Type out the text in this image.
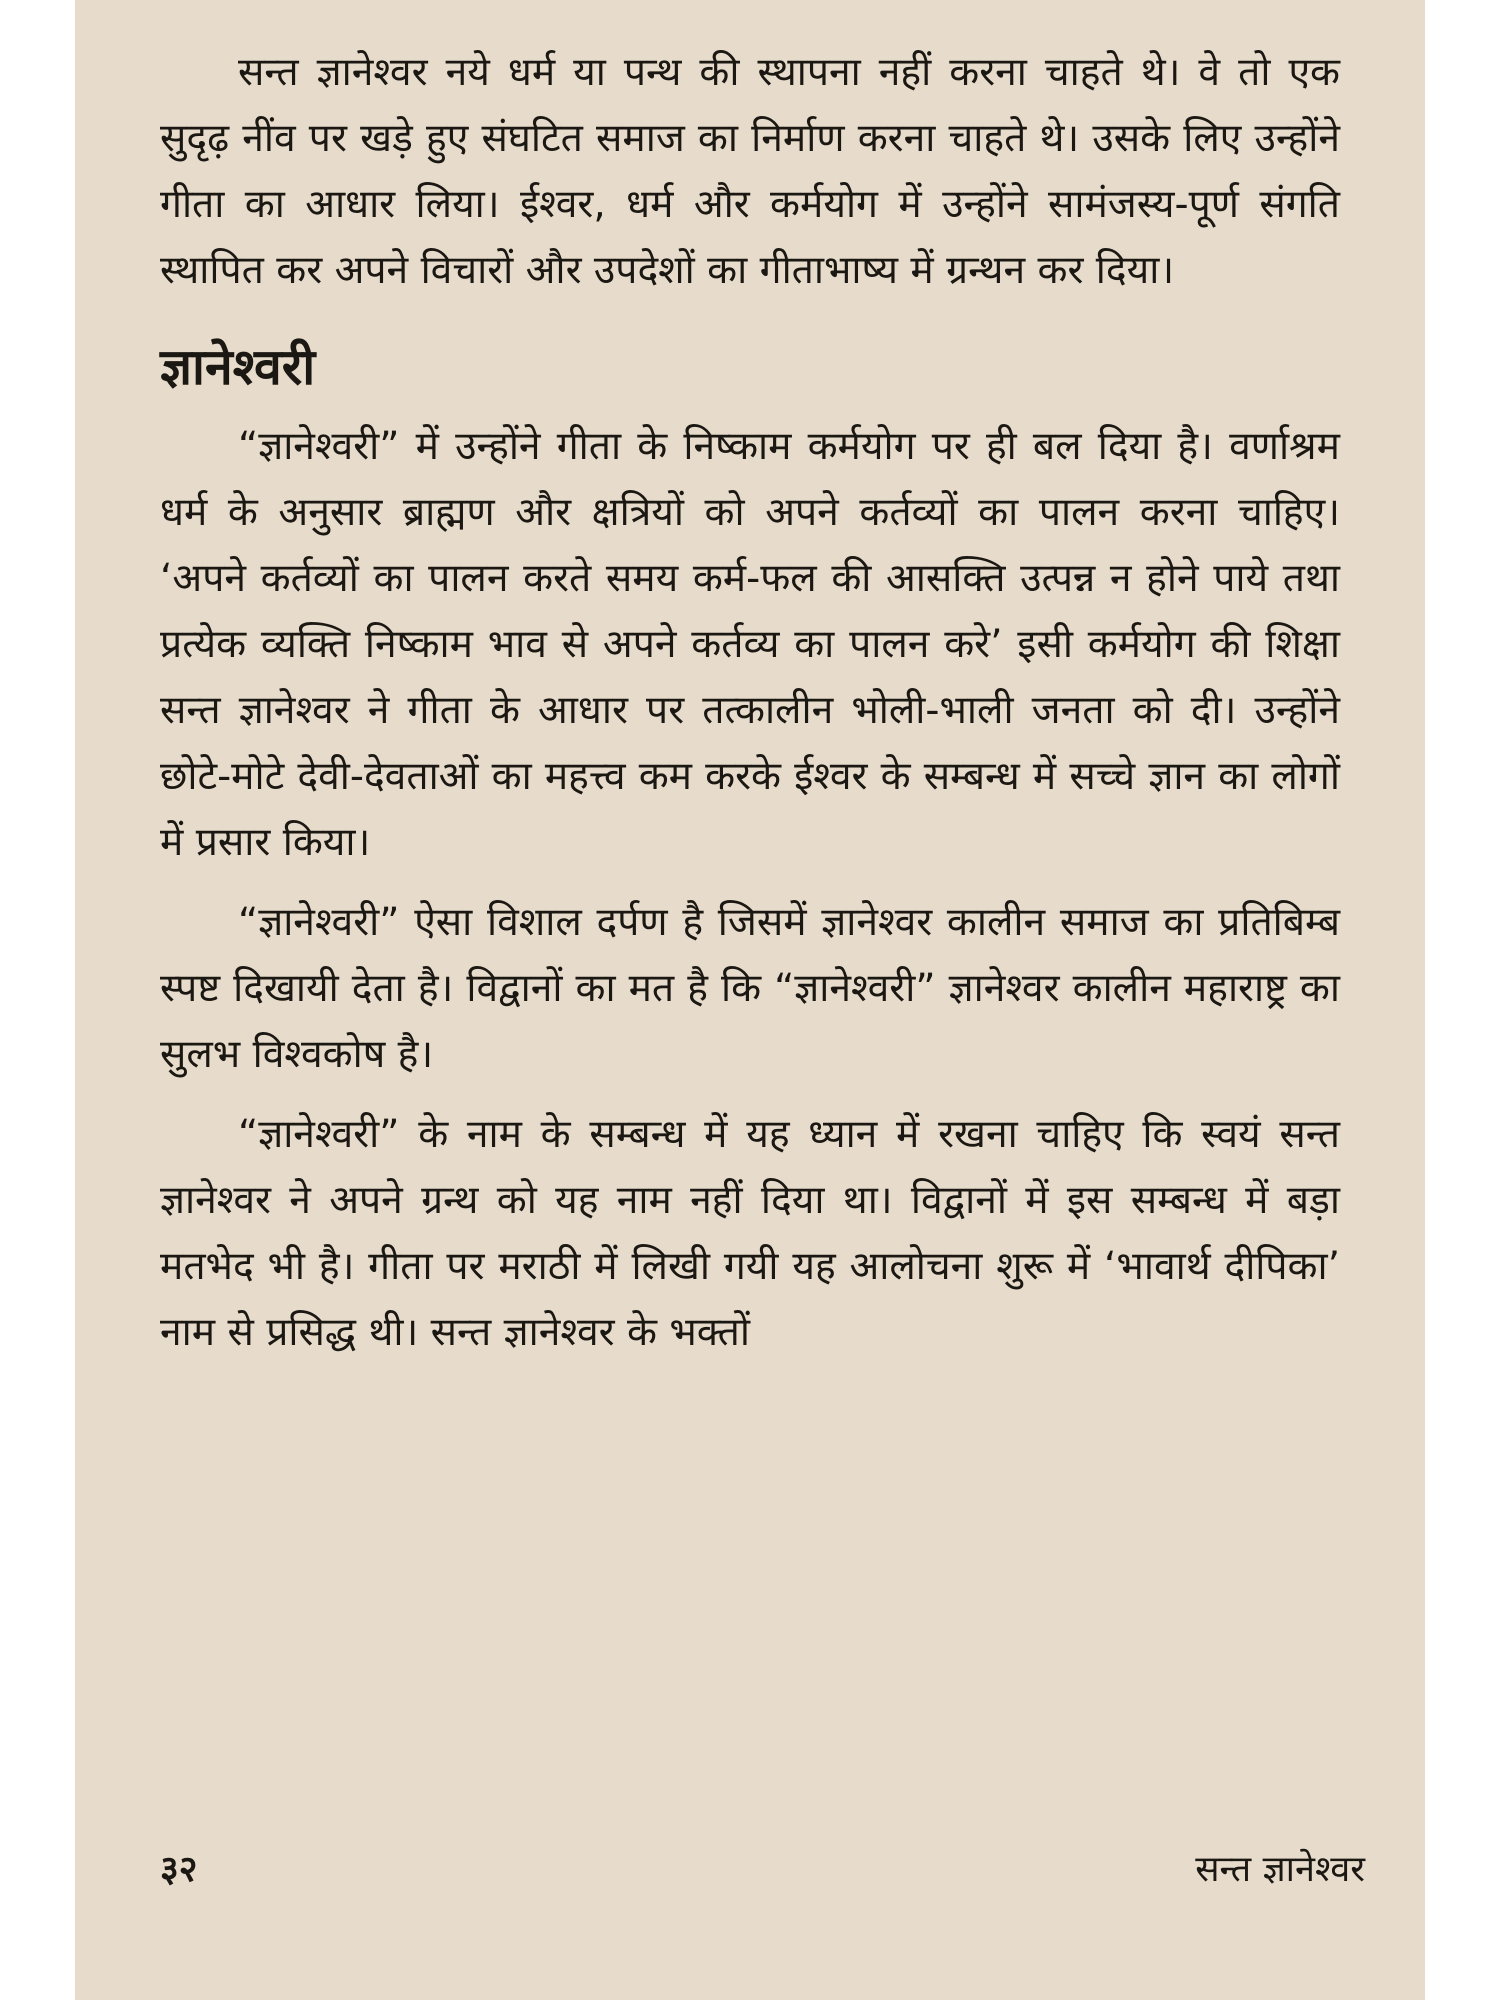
सन्त ज्ञानेश्वर नये धर्म या पन्थ की स्थापना नहीं करना चाहते थे। वे तो एक सुदृढ़ नींव पर खड़े हुए संघटित समाज का निर्माण करना चाहते थे। उसके लिए उन्होंने गीता का आधार लिया। ईश्वर, धर्म और कर्मयोग में उन्होंने सामंजस्य-पूर्ण संगति स्थापित कर अपने विचारों और उपदेशों का गीताभाष्य में ग्रन्थन कर दिया।

ज्ञानेश्वरी

“ज्ञानेश्वरी” में उन्होंने गीता के निष्काम कर्मयोग पर ही बल दिया है। वर्णाश्रम धर्म के अनुसार ब्राह्मण और क्षत्रियों को अपने कर्तव्यों का पालन करना चाहिए। ‘अपने कर्तव्यों का पालन करते समय कर्म-फल की आसक्ति उत्पन्न न होने पाये तथा प्रत्येक व्यक्ति निष्काम भाव से अपने कर्तव्य का पालन करे’ इसी कर्मयोग की शिक्षा सन्त ज्ञानेश्वर ने गीता के आधार पर तत्कालीन भोली-भाली जनता को दी। उन्होंने छोटे-मोटे देवी-देवताओं का महत्त्व कम करके ईश्वर के सम्बन्ध में सच्चे ज्ञान का लोगों में प्रसार किया।

“ज्ञानेश्वरी” ऐसा विशाल दर्पण है जिसमें ज्ञानेश्वर कालीन समाज का प्रतिबिम्ब स्पष्ट दिखायी देता है। विद्वानों का मत है कि “ज्ञानेश्वरी” ज्ञानेश्वर कालीन महाराष्ट्र का सुलभ विश्वकोष है।

“ज्ञानेश्वरी” के नाम के सम्बन्ध में यह ध्यान में रखना चाहिए कि स्वयं सन्त ज्ञानेश्वर ने अपने ग्रन्थ को यह नाम नहीं दिया था। विद्वानों में इस सम्बन्ध में बड़ा मतभेद भी है। गीता पर मराठी में लिखी गयी यह आलोचना शुरू में ‘भावार्थ दीपिका’ नाम से प्रसिद्ध थी। सन्त ज्ञानेश्वर के भक्तों

३२	सन्त ज्ञानेश्वर
